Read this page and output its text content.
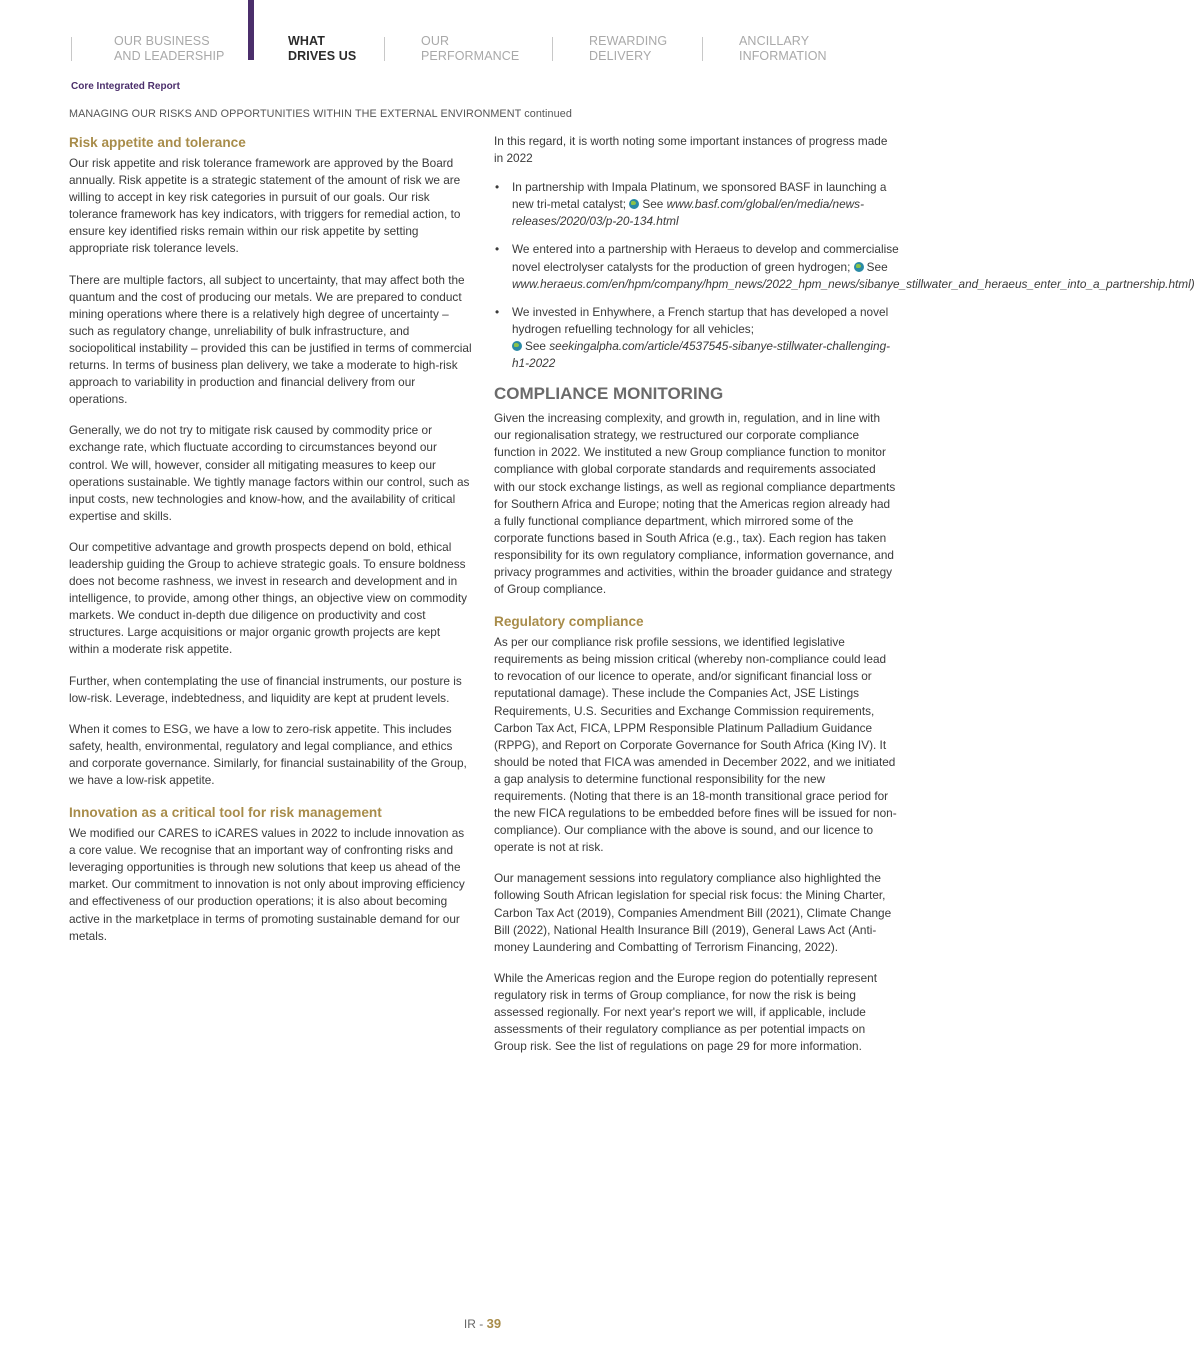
OUR BUSINESS
AND LEADERSHIP
WHAT
DRIVES US
OUR
PERFORMANCE
REWARDING
DELIVERY
ANCILLARY
INFORMATION
Core Integrated Report
MANAGING OUR RISKS AND OPPORTUNITIES WITHIN THE EXTERNAL ENVIRONMENT continued
Risk appetite and tolerance

Our risk appetite and risk tolerance framework are approved by the Board annually. Risk appetite is a strategic statement of the amount of risk we are willing to accept in key risk categories in pursuit of our goals. Our risk tolerance framework has key indicators, with triggers for remedial action, to ensure key identified risks remain within our risk appetite by setting appropriate risk tolerance levels.

There are multiple factors, all subject to uncertainty, that may affect both the quantum and the cost of producing our metals. We are prepared to conduct mining operations where there is a relatively high degree of uncertainty – such as regulatory change, unreliability of bulk infrastructure, and sociopolitical instability – provided this can be justified in terms of commercial returns. In terms of business plan delivery, we take a moderate to high-risk approach to variability in production and financial delivery from our operations.

Generally, we do not try to mitigate risk caused by commodity price or exchange rate, which fluctuate according to circumstances beyond our control. We will, however, consider all mitigating measures to keep our operations sustainable. We tightly manage factors within our control, such as input costs, new technologies and know-how, and the availability of critical expertise and skills.

Our competitive advantage and growth prospects depend on bold, ethical leadership guiding the Group to achieve strategic goals. To ensure boldness does not become rashness, we invest in research and development and in intelligence, to provide, among other things, an objective view on commodity markets. We conduct in-depth due diligence on productivity and cost structures. Large acquisitions or major organic growth projects are kept within a moderate risk appetite.

Further, when contemplating the use of financial instruments, our posture is low-risk. Leverage, indebtedness, and liquidity are kept at prudent levels.

When it comes to ESG, we have a low to zero-risk appetite. This includes safety, health, environmental, regulatory and legal compliance, and ethics and corporate governance. Similarly, for financial sustainability of the Group, we have a low-risk appetite.

Innovation as a critical tool for risk management

We modified our CARES to iCARES values in 2022 to include innovation as a core value. We recognise that an important way of confronting risks and leveraging opportunities is through new solutions that keep us ahead of the market. Our commitment to innovation is not only about improving efficiency and effectiveness of our production operations; it is also about becoming active in the marketplace in terms of promoting sustainable demand for our metals.

In this regard, it is worth noting some important instances of progress made in 2022

• In partnership with Impala Platinum, we sponsored BASF in launching a new tri-metal catalyst; See www.basf.com/global/en/media/news-releases/2020/03/p-20-134.html
• We entered into a partnership with Heraeus to develop and commercialise novel electrolyser catalysts for the production of green hydrogen; See www.heraeus.com/en/hpm/company/hpm_news/2022_hpm_news/sibanye_stillwater_and_heraeus_enter_into_a_partnership.html)
• We invested in Enhywhere, a French startup that has developed a novel hydrogen refuelling technology for all vehicles;
See seekingalpha.com/article/4537545-sibanye-stillwater-challenging-h1-2022
COMPLIANCE MONITORING

Given the increasing complexity, and growth in, regulation, and in line with our regionalisation strategy, we restructured our corporate compliance function in 2022. We instituted a new Group compliance function to monitor compliance with global corporate standards and requirements associated with our stock exchange listings, as well as regional compliance departments for Southern Africa and Europe; noting that the Americas region already had a fully functional compliance department, which mirrored some of the corporate functions based in South Africa (e.g., tax). Each region has taken responsibility for its own regulatory compliance, information governance, and privacy programmes and activities, within the broader guidance and strategy of Group compliance.

Regulatory compliance

As per our compliance risk profile sessions, we identified legislative requirements as being mission critical (whereby non-compliance could lead to revocation of our licence to operate, and/or significant financial loss or reputational damage). These include the Companies Act, JSE Listings Requirements, U.S. Securities and Exchange Commission requirements, Carbon Tax Act, FICA, LPPM Responsible Platinum Palladium Guidance (RPPG), and Report on Corporate Governance for South Africa (King IV). It should be noted that FICA was amended in December 2022, and we initiated a gap analysis to determine functional responsibility for the new requirements. (Noting that there is an 18-month transitional grace period for the new FICA regulations to be embedded before fines will be issued for non-compliance). Our compliance with the above is sound, and our licence to operate is not at risk.

Our management sessions into regulatory compliance also highlighted the following South African legislation for special risk focus: the Mining Charter, Carbon Tax Act (2019), Companies Amendment Bill (2021), Climate Change Bill (2022), National Health Insurance Bill (2019), General Laws Act (Anti-money Laundering and Combatting of Terrorism Financing, 2022).

While the Americas region and the Europe region do potentially represent regulatory risk in terms of Group compliance, for now the risk is being assessed regionally. For next year's report we will, if applicable, include assessments of their regulatory compliance as per potential impacts on Group risk. See the list of regulations on page 29 for more information.

IR - 39
